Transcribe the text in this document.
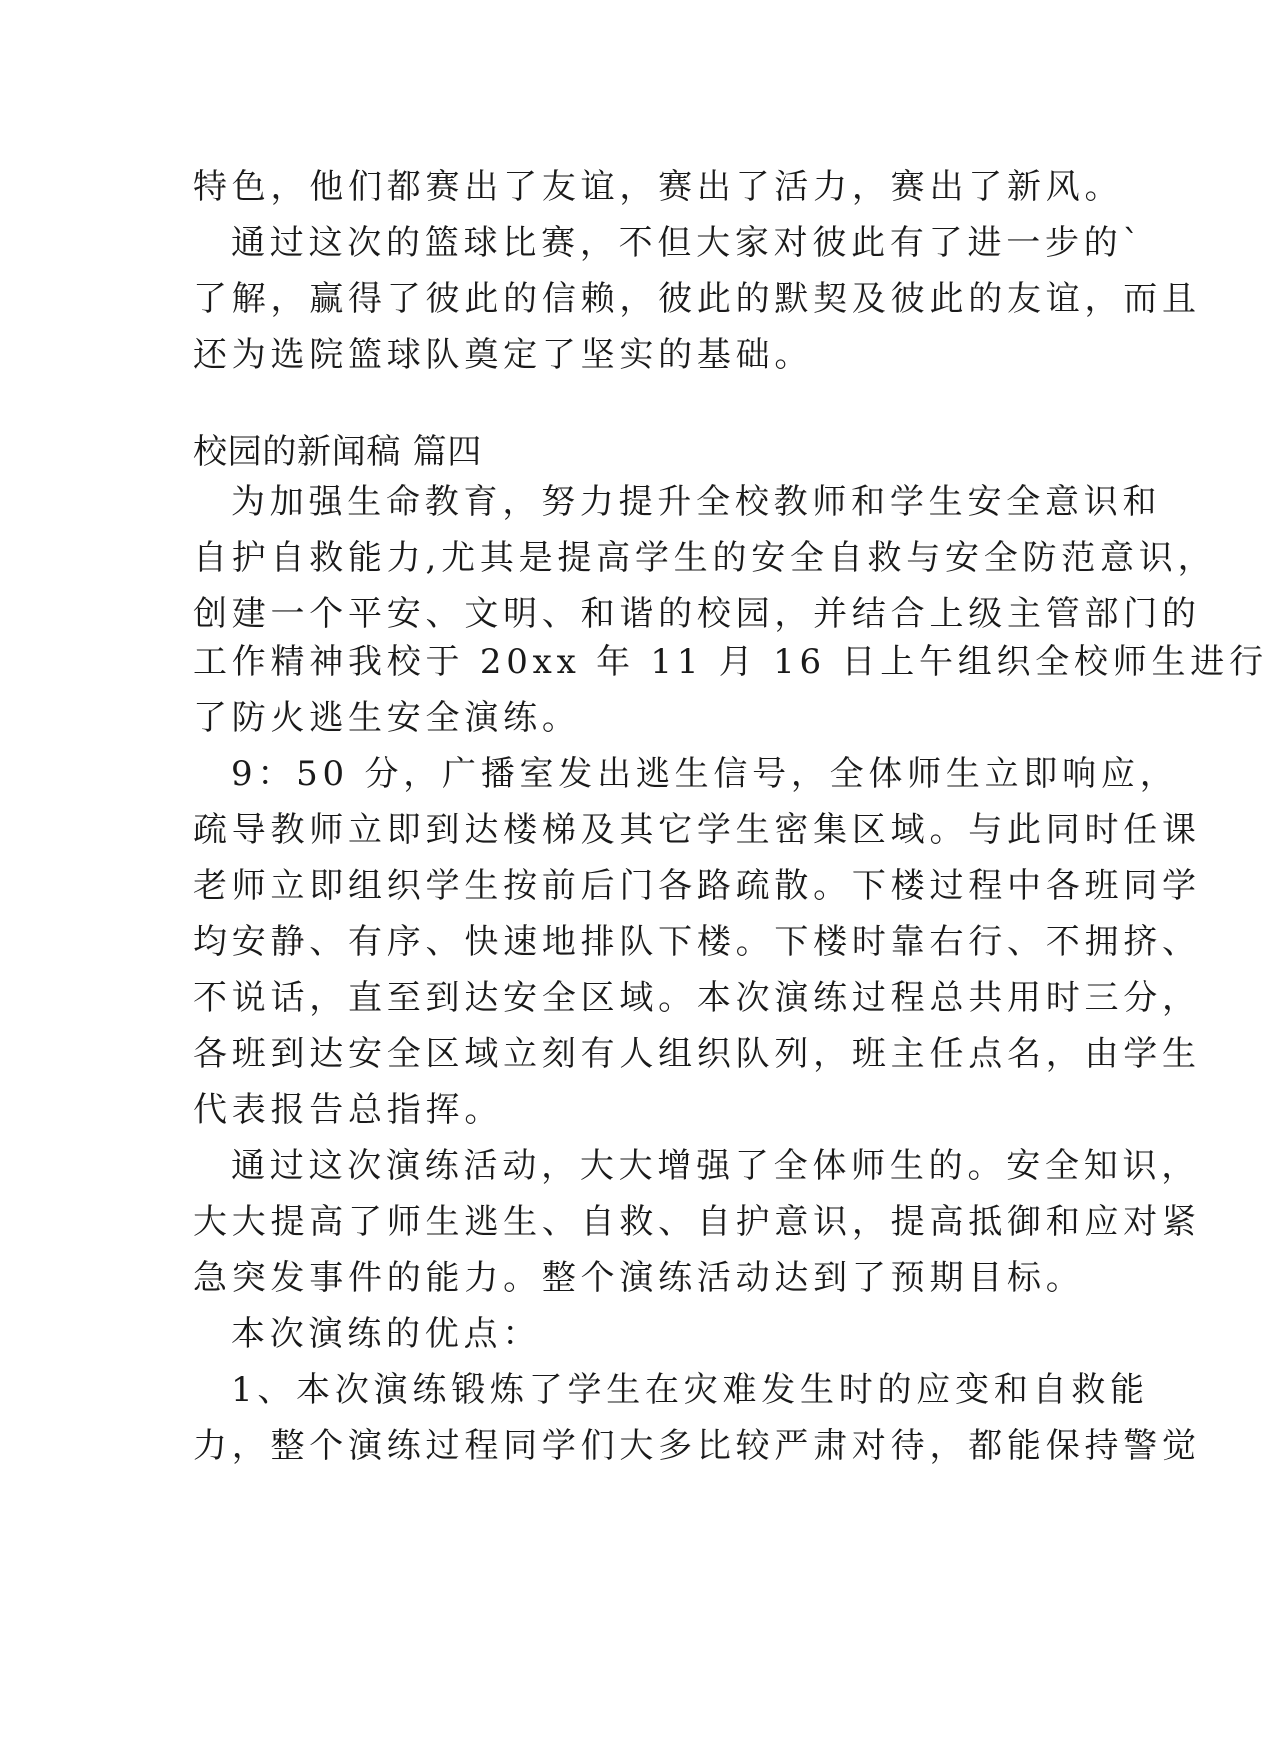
特色，他们都赛出了友谊，赛出了活力，赛出了新风。
通过这次的篮球比赛，不但大家对彼此有了进一步的`
了解，赢得了彼此的信赖，彼此的默契及彼此的友谊，而且
还为选院篮球队奠定了坚实的基础。
校园的新闻稿 篇四
为加强生命教育，努力提升全校教师和学生安全意识和
自护自救能力,尤其是提高学生的安全自救与安全防范意识，
创建一个平安、文明、和谐的校园，并结合上级主管部门的
工作精神我校于 20xx 年 11 月 16 日上午组织全校师生进行
了防火逃生安全演练。
9：50 分，广播室发出逃生信号，全体师生立即响应，
疏导教师立即到达楼梯及其它学生密集区域。与此同时任课
老师立即组织学生按前后门各路疏散。下楼过程中各班同学
均安静、有序、快速地排队下楼。下楼时靠右行、不拥挤、
不说话，直至到达安全区域。本次演练过程总共用时三分，
各班到达安全区域立刻有人组织队列，班主任点名，由学生
代表报告总指挥。
通过这次演练活动，大大增强了全体师生的。安全知识，
大大提高了师生逃生、自救、自护意识，提高抵御和应对紧
急突发事件的能力。整个演练活动达到了预期目标。
本次演练的优点：
1、本次演练锻炼了学生在灾难发生时的应变和自救能
力，整个演练过程同学们大多比较严肃对待，都能保持警觉
